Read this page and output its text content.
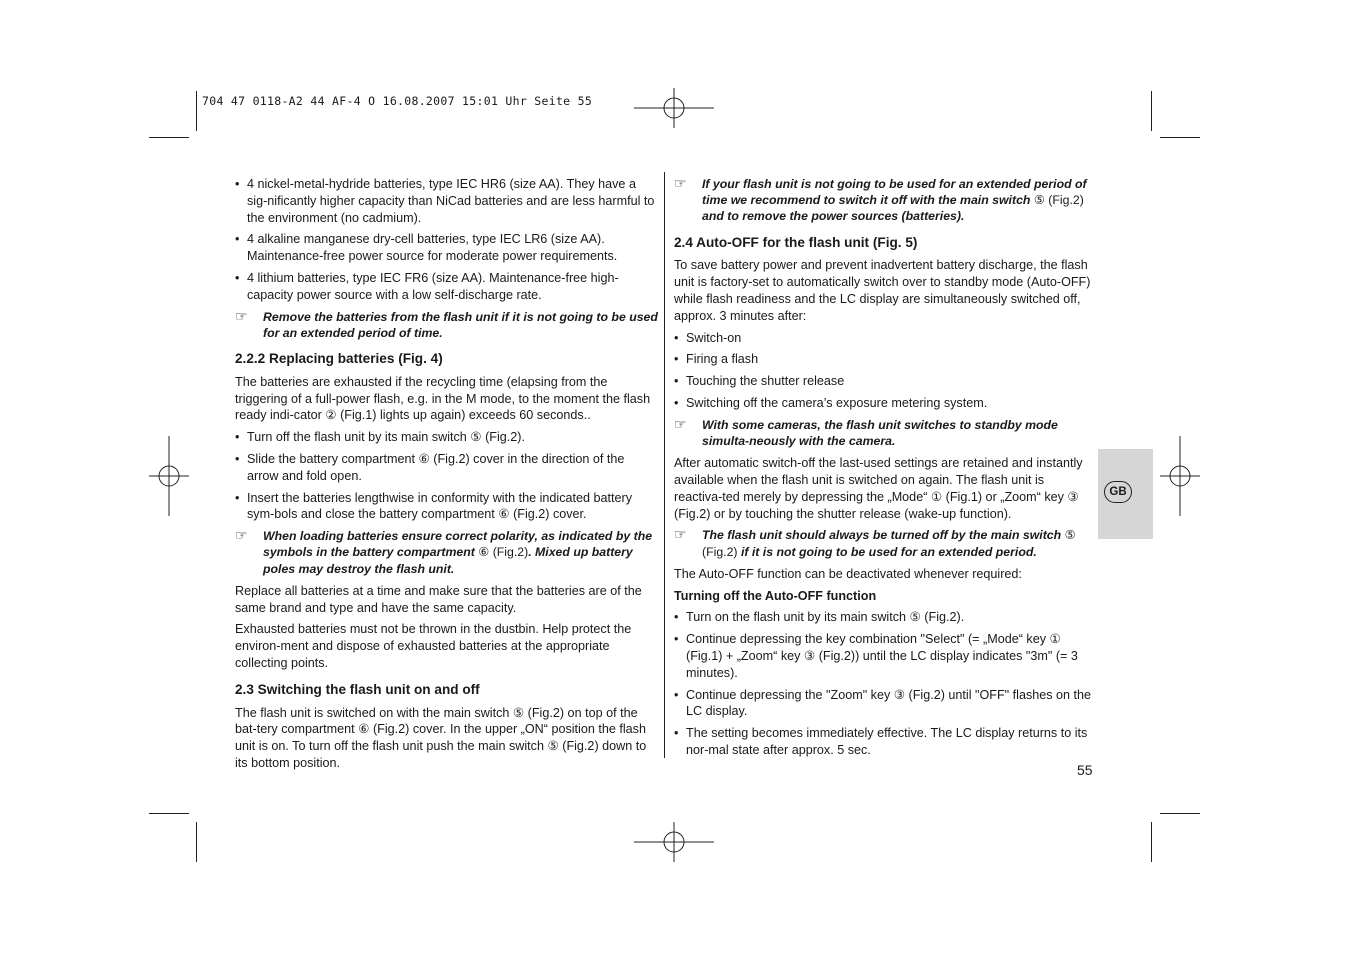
704 47 0118-A2 44 AF-4 O 16.08.2007 15:01 Uhr Seite 55
GB
• 4 nickel-metal-hydride batteries, type IEC HR6 (size AA). They have a sig-nificantly higher capacity than NiCad batteries and are less harmful to the environment (no cadmium).
• 4 alkaline manganese dry-cell batteries, type IEC LR6 (size AA). Maintenance-free power source for moderate power requirements.
• 4 lithium batteries, type IEC FR6 (size AA). Maintenance-free high-capacity power source with a low self-discharge rate.
☞ Remove the batteries from the flash unit if it is not going to be used for an extended period of time.
2.2.2 Replacing batteries (Fig. 4)

The batteries are exhausted if the recycling time (elapsing from the triggering of a full-power flash, e.g. in the M mode, to the moment the flash ready indi-cator ② (Fig.1) lights up again) exceeds 60 seconds..

• Turn off the flash unit by its main switch ⑤ (Fig.2).
• Slide the battery compartment ⑥ (Fig.2) cover in the direction of the arrow and fold open.
• Insert the batteries lengthwise in conformity with the indicated battery sym-bols and close the battery compartment ⑥ (Fig.2) cover.
☞ When loading batteries ensure correct polarity, as indicated by the symbols in the battery compartment ⑥ (Fig.2). Mixed up battery poles may destroy the flash unit.

Replace all batteries at a time and make sure that the batteries are of the same brand and type and have the same capacity.

Exhausted batteries must not be thrown in the dustbin. Help protect the environ-ment and dispose of exhausted batteries at the appropriate collecting points.

2.3 Switching the flash unit on and off

The flash unit is switched on with the main switch ⑤ (Fig.2) on top of the bat-tery compartment ⑥ (Fig.2) cover. In the upper „ON“ position the flash unit is on. To turn off the flash unit push the main switch ⑤ (Fig.2) down to its bottom position.

☞ If your flash unit is not going to be used for an extended period of time we recommend to switch it off with the main switch ⑤ (Fig.2) and to remove the power sources (batteries).
2.4 Auto-OFF for the flash unit (Fig. 5)

To save battery power and prevent inadvertent battery discharge, the flash unit is factory-set to automatically switch over to standby mode (Auto-OFF) while flash readiness and the LC display are simultaneously switched off, approx. 3 minutes after:

• Switch-on
• Firing a flash
• Touching the shutter release
• Switching off the camera’s exposure metering system.
☞ With some cameras, the flash unit switches to standby mode simulta-neously with the camera.

After automatic switch-off the last-used settings are retained and instantly available when the flash unit is switched on again. The flash unit is reactiva-ted merely by depressing the „Mode“ ① (Fig.1) or „Zoom“ key ③ (Fig.2) or by touching the shutter release (wake-up function).

☞ The flash unit should always be turned off by the main switch ⑤ (Fig.2) if it is not going to be used for an extended period.

The Auto-OFF function can be deactivated whenever required:

Turning off the Auto-OFF function
• Turn on the flash unit by its main switch ⑤ (Fig.2).
• Continue depressing the key combination "Select" (= „Mode“ key ① (Fig.1) + „Zoom“ key ③ (Fig.2)) until the LC display indicates "3m" (= 3 minutes).
• Continue depressing the "Zoom" key ③ (Fig.2) until "OFF" flashes on the LC display.
• The setting becomes immediately effective. The LC display returns to its nor-mal state after approx. 5 sec.
55
